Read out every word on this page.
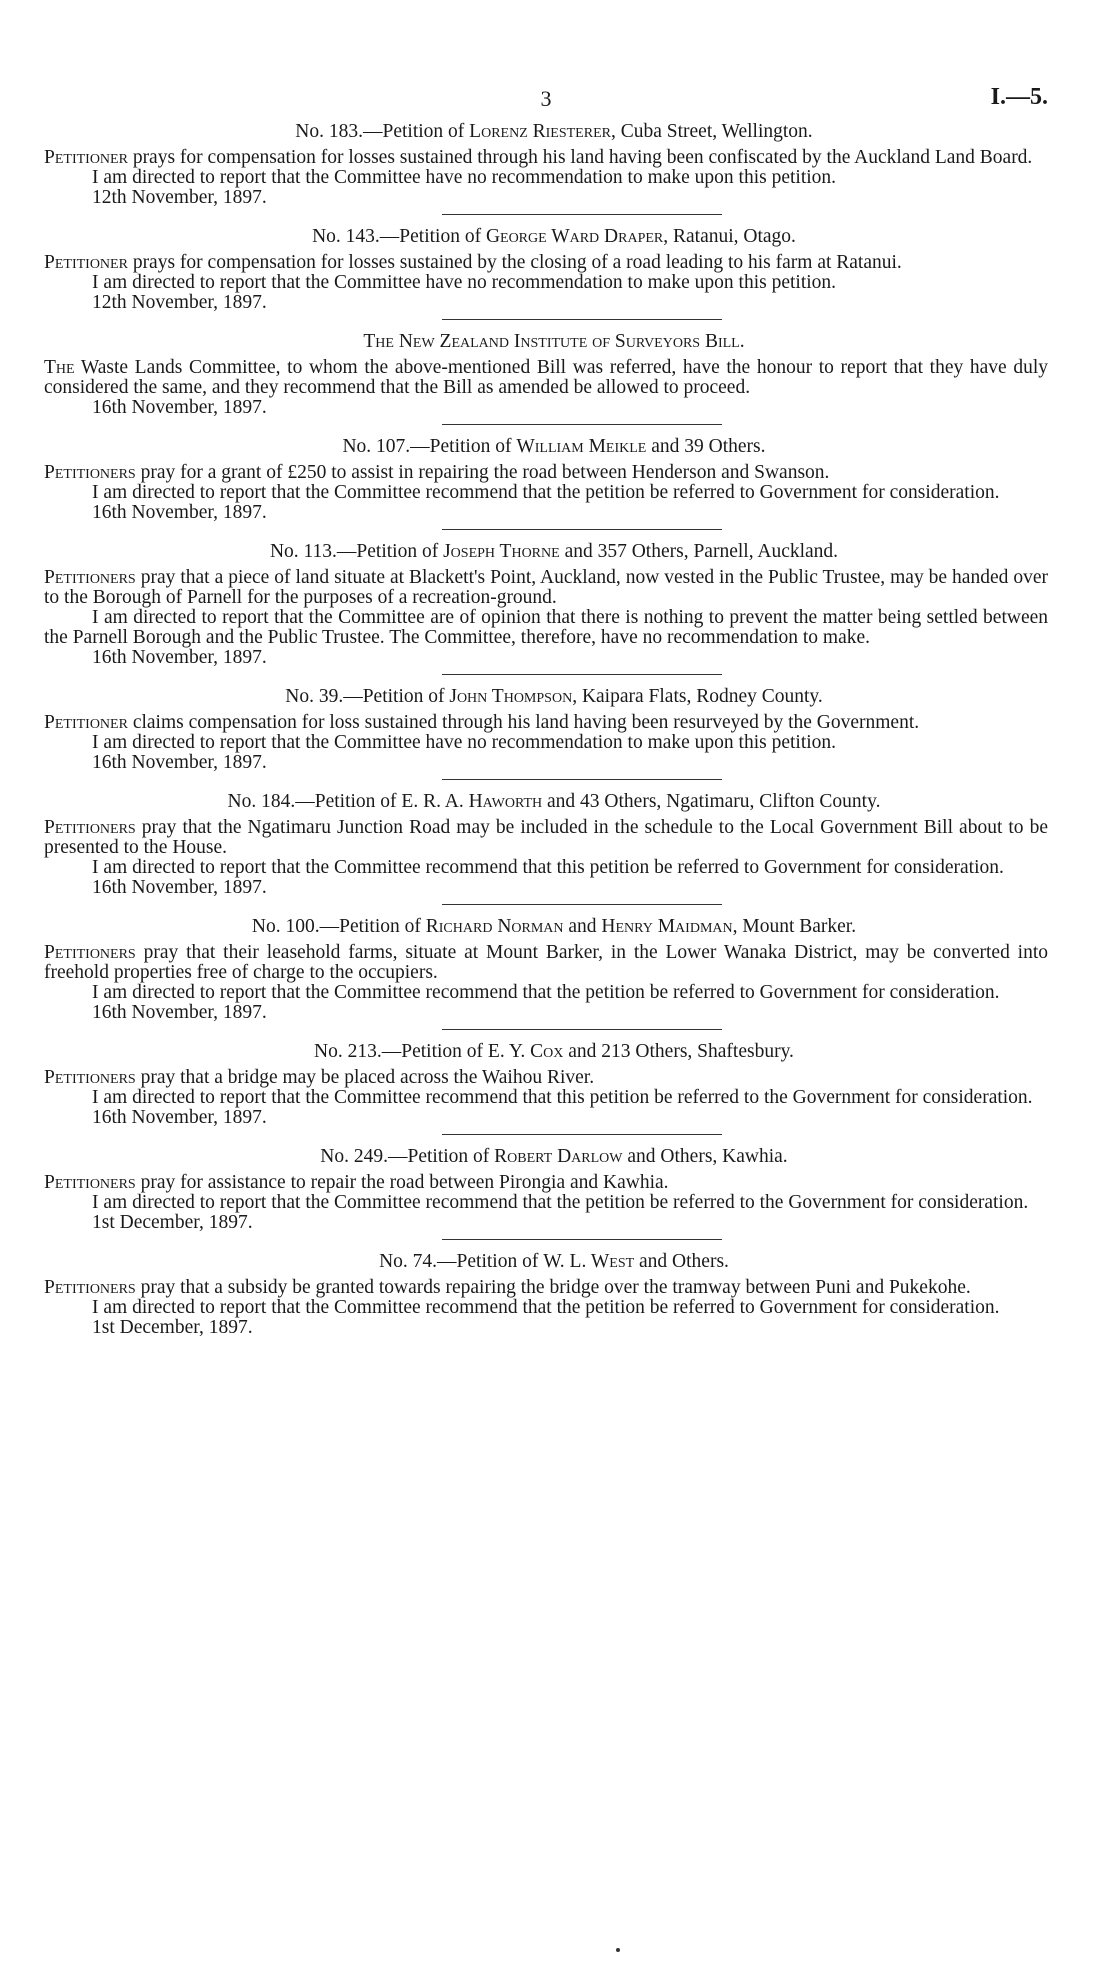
3	I.—5.
No. 183.—Petition of Lorenz Riesterer, Cuba Street, Wellington.

Petitioner prays for compensation for losses sustained through his land having been confiscated by the Auckland Land Board.

I am directed to report that the Committee have no recommendation to make upon this petition.

12th November, 1897.

No. 143.—Petition of George Ward Draper, Ratanui, Otago.

Petitioner prays for compensation for losses sustained by the closing of a road leading to his farm at Ratanui.

I am directed to report that the Committee have no recommendation to make upon this petition.

12th November, 1897.

The New Zealand Institute of Surveyors Bill.

The Waste Lands Committee, to whom the above-mentioned Bill was referred, have the honour to report that they have duly considered the same, and they recommend that the Bill as amended be allowed to proceed.

16th November, 1897.

No. 107.—Petition of William Meikle and 39 Others.

Petitioners pray for a grant of £250 to assist in repairing the road between Henderson and Swanson.

I am directed to report that the Committee recommend that the petition be referred to Government for consideration.

16th November, 1897.

No. 113.—Petition of Joseph Thorne and 357 Others, Parnell, Auckland.

Petitioners pray that a piece of land situate at Blackett's Point, Auckland, now vested in the Public Trustee, may be handed over to the Borough of Parnell for the purposes of a recreation-ground.

I am directed to report that the Committee are of opinion that there is nothing to prevent the matter being settled between the Parnell Borough and the Public Trustee. The Committee, therefore, have no recommendation to make.

16th November, 1897.

No. 39.—Petition of John Thompson, Kaipara Flats, Rodney County.

Petitioner claims compensation for loss sustained through his land having been resurveyed by the Government.

I am directed to report that the Committee have no recommendation to make upon this petition.

16th November, 1897.

No. 184.—Petition of E. R. A. Haworth and 43 Others, Ngatimaru, Clifton County.

Petitioners pray that the Ngatimaru Junction Road may be included in the schedule to the Local Government Bill about to be presented to the House.

I am directed to report that the Committee recommend that this petition be referred to Government for consideration.

16th November, 1897.

No. 100.—Petition of Richard Norman and Henry Maidman, Mount Barker.

Petitioners pray that their leasehold farms, situate at Mount Barker, in the Lower Wanaka District, may be converted into freehold properties free of charge to the occupiers.

I am directed to report that the Committee recommend that the petition be referred to Government for consideration.

16th November, 1897.

No. 213.—Petition of E. Y. Cox and 213 Others, Shaftesbury.

Petitioners pray that a bridge may be placed across the Waihou River.

I am directed to report that the Committee recommend that this petition be referred to the Government for consideration.

16th November, 1897.

No. 249.—Petition of Robert Darlow and Others, Kawhia.

Petitioners pray for assistance to repair the road between Pirongia and Kawhia.

I am directed to report that the Committee recommend that the petition be referred to the Government for consideration.

1st December, 1897.

No. 74.—Petition of W. L. West and Others.

Petitioners pray that a subsidy be granted towards repairing the bridge over the tramway between Puni and Pukekohe.

I am directed to report that the Committee recommend that the petition be referred to Government for consideration.

1st December, 1897.
